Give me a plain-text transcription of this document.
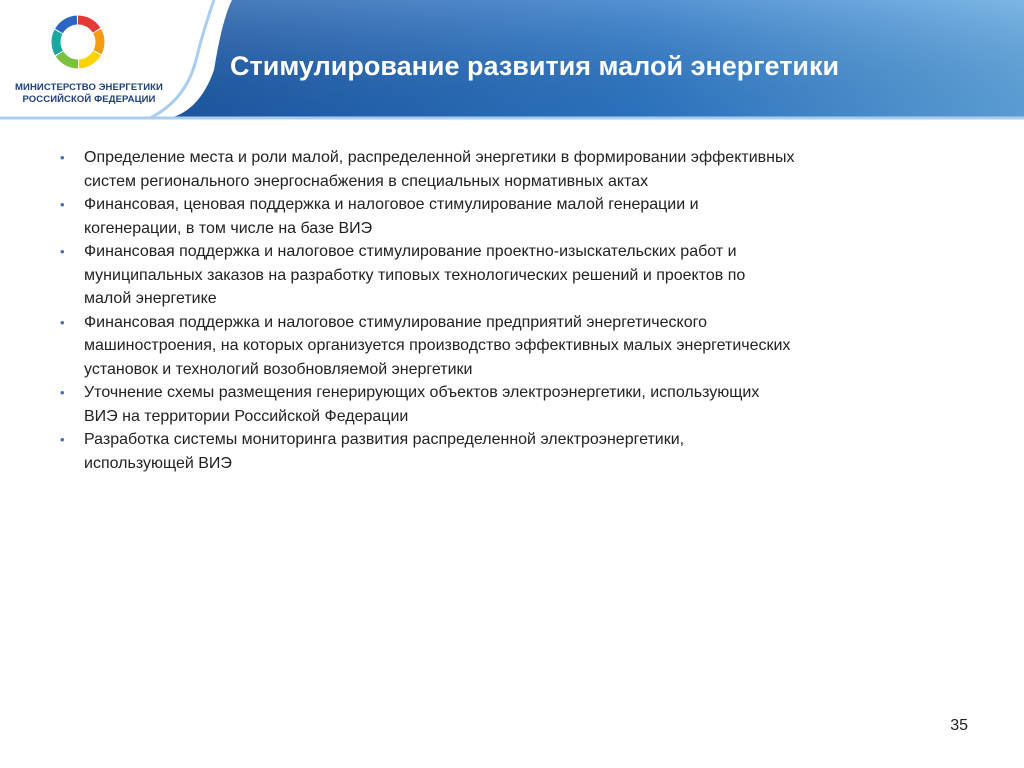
МИНИСТЕРСТВО ЭНЕРГЕТИКИ
РОССИЙСКОЙ ФЕДЕРАЦИИ
Стимулирование развития малой энергетики
• Определение места и роли малой, распределенной энергетики в формировании эффективных
систем регионального энергоснабжения в специальных нормативных актах
• Финансовая, ценовая поддержка и налоговое стимулирование малой генерации и
когенерации, в том числе на базе ВИЭ
• Финансовая поддержка и налоговое стимулирование проектно-изыскательских работ и
муниципальных заказов на разработку типовых технологических решений и проектов по
малой энергетике
• Финансовая поддержка и налоговое стимулирование предприятий энергетического
машиностроения, на которых организуется производство эффективных малых энергетических
установок и технологий возобновляемой энергетики
• Уточнение схемы размещения генерирующих объектов электроэнергетики, использующих
ВИЭ на территории Российской Федерации
• Разработка системы мониторинга развития распределенной электроэнергетики,
использующей ВИЭ
35
